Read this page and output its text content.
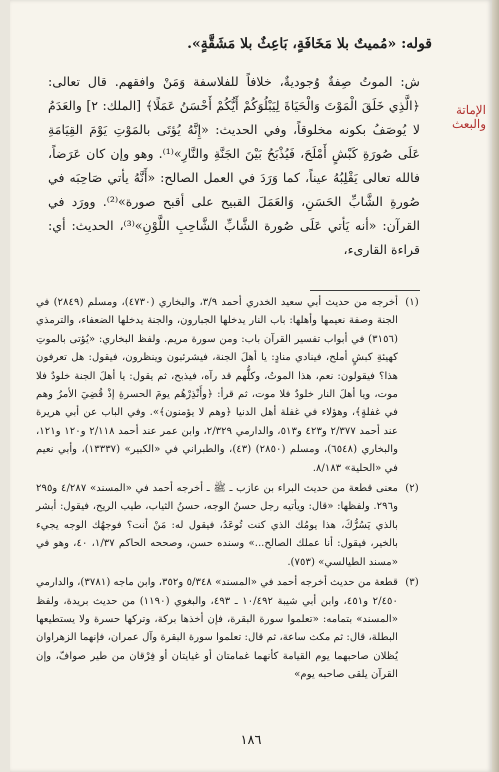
قوله: «مُميتٌ بلا مَخَافَةٍ، بَاعِثٌ بلا مَشَقَّةٍ».
الإماتة والبعث
ش: الموتُ صِفةٌ وُجوديةٌ، خلافاً للفلاسفة وَمَنْ وافقهم. قال تعالى: ﴿الَّذِي خَلَقَ الْمَوْتَ وَالْحَيَاةَ لِيَبْلُوَكُمْ أَيُّكُمْ أَحْسَنُ عَمَلًا﴾ [الملك: ٢] والعَدَمُ لا يُوصَفُ بكونه مخلوقاً، وفي الحديث: «إِنَّهُ يُؤتَى بالمَوْتِ يَوْمَ القِيَامَةِ عَلَى صُورَةِ كَبْشٍ أَمْلَحَ، فَيُذْبَحُ بَيْنَ الجَنَّةِ والنَّارِ»⁽¹⁾. وهو وإن كان عَرَضاً، فالله تعالى يَقْلِبُهُ عيناً، كما وَرَدَ في العمل الصالح: «أَنَّهُ يأتي صَاحِبَه في صُورةِ الشَّابِّ الحَسَنِ، وَالعَمَلَ القبيح على أقبح صورة»⁽²⁾. وورَد في القرآن: «أنه يَأتي عَلَى صُورة الشَّابِّ الشَّاحِبِ اللَّوْنِ»⁽³⁾، الحديث: أي: قراءة القارىء،
(١)
أخرجه من حديث أبي سعيد الخدري أحمد ٣/٩، والبخاري (٤٧٣٠)، ومسلم (٢٨٤٩) في الجنة وصفة نعيمها وأهلها: باب النار يدخلها الجبارون، والجنة يدخلها الضعفاء، والترمذي (٣١٥٦) في أبواب تفسير القرآن باب: ومن سورة مريم. ولفظ البخاري: «يُؤتى بالموتِ كهيئةِ كبشٍ أملح، فينادي منادٍ: يا أهلَ الجنة، فيشرئبون وينظرون، فيقول: هل تعرفون هذا؟ فيقولون: نعم، هذا الموتُ، وكلُّهم قد رآه، فيذبح، ثم يقول: يا أهلَ الجنة خلودٌ فلا موت، ويا أهلَ النار خلودٌ فلا موت، ثم قرأ: ﴿وأَنْذِرْهُم يومَ الحسرةِ إذْ قُضِيَ الأمرُ وهم في غفلةٍ﴾، وهؤلاء في غفلة أهل الدنيا ﴿وهم لا يؤمنون﴾». وفي الباب عن أبي هريرة عند أحمد ٢/٣٧٧ و٤٢٣ و٥١٣، والدارمي ٢/٣٢٩، وابن عمر عند أحمد ٢/١١٨ و١٢٠ و١٢١، والبخاري (٦٥٤٨)، ومسلم (٢٨٥٠) (٤٣)، والطبراني في «الكبير» (١٣٣٣٧)، وأبي نعيم في «الحلية» ٨/١٨٣.
(٢)
معنى قطعة من حديث البراء بن عازب ـ ﷺ ـ أخرجه أحمد في «المسند» ٤/٢٨٧ و٢٩٥ و٢٩٦. ولفظها: «قال: ويأتيه رجل حسنُ الوجه، حسنُ الثياب، طيب الريح، فيقول: أبشر بالذي يَسُرُّكَ، هذا يومُك الذي كنت تُوعَدُ، فيقول له: مَنْ أنت؟ فوجهُك الوجه يجيء بالخير، فيقول: أنا عملك الصالح...» وسنده حسن، وصححه الحاكم ١/٣٧، ٤٠، وهو في «مسند الطيالسي» (٧٥٣).
(٣)
قطعة من حديث أخرجه أحمد في «المسند» ٥/٣٤٨ و٣٥٢، وابن ماجه (٣٧٨١)، والدارمي ٢/٤٥٠ و٤٥١، وابن أبي شيبة ١٠/٤٩٢ ـ ٤٩٣، والبغوي (١١٩٠) من حديث بريدة، ولفظ «المسند» بتمامه: «تعلموا سورة البقرة، فإن أخذها بركة، وتركها حسرة ولا يستطيعها البطلة، قال: ثم مكث ساعة، ثم قال: تعلموا سورة البقرة وآل عمران، فإنهما الزهراوان يُظلان صاحبهما يوم القيامة كأنهما غمامتان أو غيايتان أو فِرْقان من طير صوافّ، وإن القرآن يلقى صاحبه يوم»
١٨٦
